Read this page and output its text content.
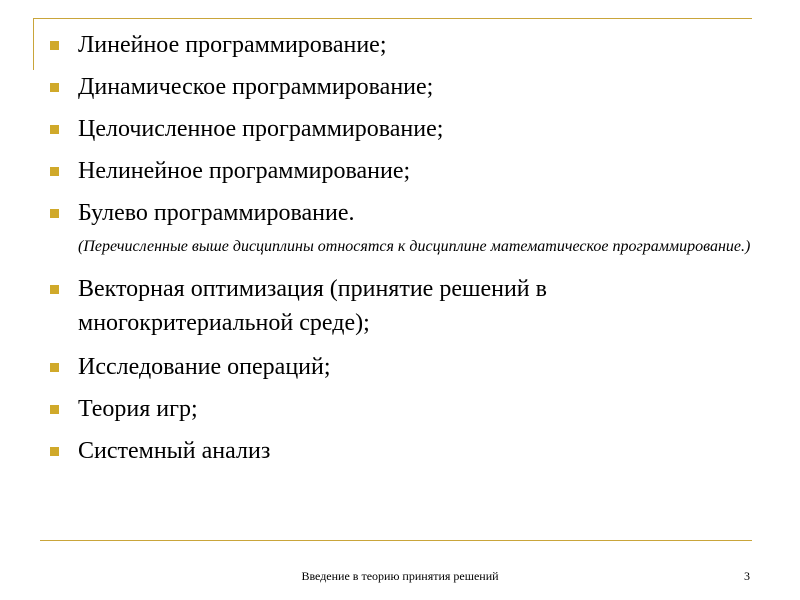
Линейное программирование;
Динамическое программирование;
Целочисленное программирование;
Нелинейное программирование;
Булево программирование.

(Перечисленные выше дисциплины относятся к дисциплине математическое программирование.)

Векторная оптимизация (принятие решений в многокритериальной среде);
Исследование операций;
Теория игр;
Системный анализ
Введение в теорию принятия решений	3
